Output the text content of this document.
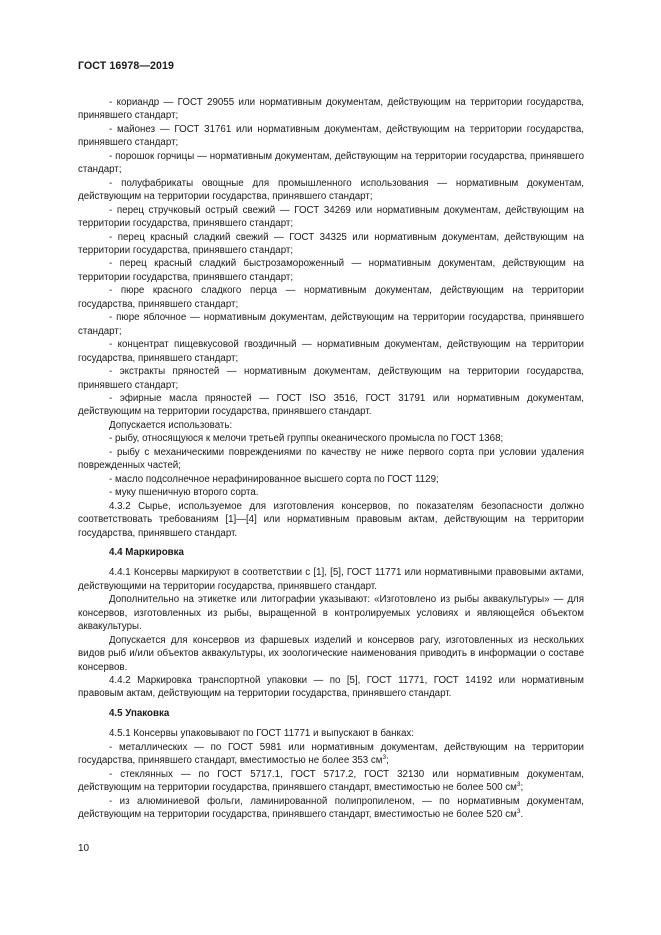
ГОСТ 16978—2019

- кориандр — ГОСТ 29055 или нормативным документам, действующим на территории государства, принявшего стандарт;

- майонез — ГОСТ 31761 или нормативным документам, действующим на территории государства, принявшего стандарт;

- порошок горчицы — нормативным документам, действующим на территории государства, принявшего стандарт;

- полуфабрикаты овощные для промышленного использования — нормативным документам, действующим на территории государства, принявшего стандарт;

- перец стручковый острый свежий — ГОСТ 34269 или нормативным документам, действующим на территории государства, принявшего стандарт;

- перец красный сладкий свежий — ГОСТ 34325 или нормативным документам, действующим на территории государства, принявшего стандарт;

- перец красный сладкий быстрозамороженный — нормативным документам, действующим на территории государства, принявшего стандарт;

- пюре красного сладкого перца — нормативным документам, действующим на территории государства, принявшего стандарт;

- пюре яблочное — нормативным документам, действующим на территории государства, принявшего стандарт;

- концентрат пищевкусовой гвоздичный — нормативным документам, действующим на территории государства, принявшего стандарт;

- экстракты пряностей — нормативным документам, действующим на территории государства, принявшего стандарт;

- эфирные масла пряностей — ГОСТ ISO 3516, ГОСТ 31791 или нормативным документам, действующим на территории государства, принявшего стандарт.

Допускается использовать:

- рыбу, относящуюся к мелочи третьей группы океанического промысла по ГОСТ 1368;

- рыбу с механическими повреждениями по качеству не ниже первого сорта при условии удаления поврежденных частей;

- масло подсолнечное нерафинированное высшего сорта по ГОСТ 1129;

- муку пшеничную второго сорта.

4.3.2 Сырье, используемое для изготовления консервов, по показателям безопасности должно соответствовать требованиям [1]—[4] или нормативным правовым актам, действующим на территории государства, принявшего стандарт.

4.4 Маркировка

4.4.1 Консервы маркируют в соответствии с [1], [5], ГОСТ 11771 или нормативными правовыми актами, действующими на территории государства, принявшего стандарт.

Дополнительно на этикетке или литографии указывают: «Изготовлено из рыбы аквакультуры» — для консервов, изготовленных из рыбы, выращенной в контролируемых условиях и являющейся объектом аквакультуры.

Допускается для консервов из фаршевых изделий и консервов рагу, изготовленных из нескольких видов рыб и/или объектов аквакультуры, их зоологические наименования приводить в информации о составе консервов.

4.4.2 Маркировка транспортной упаковки — по [5], ГОСТ 11771, ГОСТ 14192 или нормативным правовым актам, действующим на территории государства, принявшего стандарт.

4.5 Упаковка

4.5.1 Консервы упаковывают по ГОСТ 11771 и выпускают в банках:

- металлических — по ГОСТ 5981 или нормативным документам, действующим на территории государства, принявшего стандарт, вместимостью не более 353 $см^3$;

- стеклянных — по ГОСТ 5717.1, ГОСТ 5717.2, ГОСТ 32130 или нормативным документам, действующим на территории государства, принявшего стандарт, вместимостью не более 500 $см^3$;

- из алюминиевой фольги, ламинированной полипропиленом, — по нормативным документам, действующим на территории государства, принявшего стандарт, вместимостью не более 520 $см^3$.

10
